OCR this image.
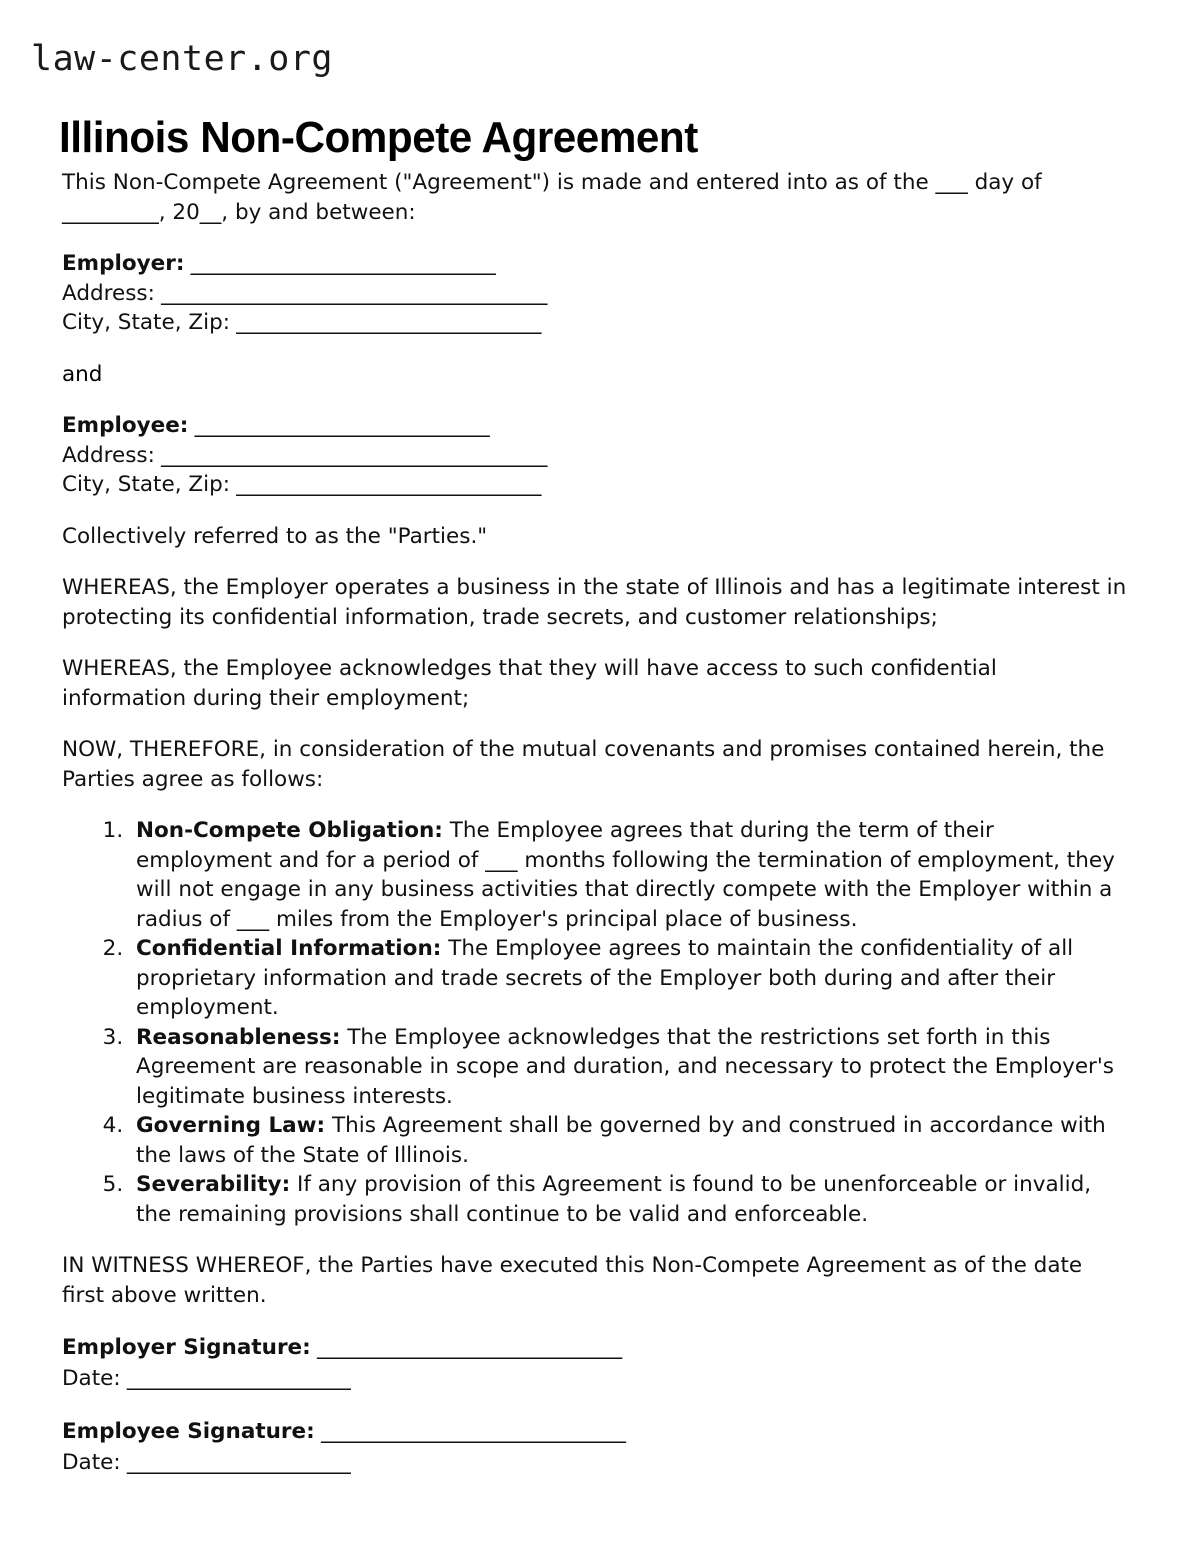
law-center.org
Illinois Non-Compete Agreement

This Non-Compete Agreement ("Agreement") is made and entered into as of the ___ day of _________, 20__, by and between:

Employer: ______________________________
Address: ______________________________________
City, State, Zip: ______________________________

and

Employee: _____________________________
Address: ______________________________________
City, State, Zip: ______________________________

Collectively referred to as the "Parties."

WHEREAS, the Employer operates a business in the state of Illinois and has a legitimate interest in protecting its confidential information, trade secrets, and customer relationships;

WHEREAS, the Employee acknowledges that they will have access to such confidential information during their employment;

NOW, THEREFORE, in consideration of the mutual covenants and promises contained herein, the Parties agree as follows:

1. Non-Compete Obligation: The Employee agrees that during the term of their employment and for a period of ___ months following the termination of employment, they will not engage in any business activities that directly compete with the Employer within a radius of ___ miles from the Employer's principal place of business.
2. Confidential Information: The Employee agrees to maintain the confidentiality of all proprietary information and trade secrets of the Employer both during and after their employment.
3. Reasonableness: The Employee acknowledges that the restrictions set forth in this Agreement are reasonable in scope and duration, and necessary to protect the Employer's legitimate business interests.
4. Governing Law: This Agreement shall be governed by and construed in accordance with the laws of the State of Illinois.
5. Severability: If any provision of this Agreement is found to be unenforceable or invalid, the remaining provisions shall continue to be valid and enforceable.

IN WITNESS WHEREOF, the Parties have executed this Non-Compete Agreement as of the date first above written.

Employer Signature: ______________________________
Date: ______________________
Employee Signature: ______________________________
Date: ______________________
